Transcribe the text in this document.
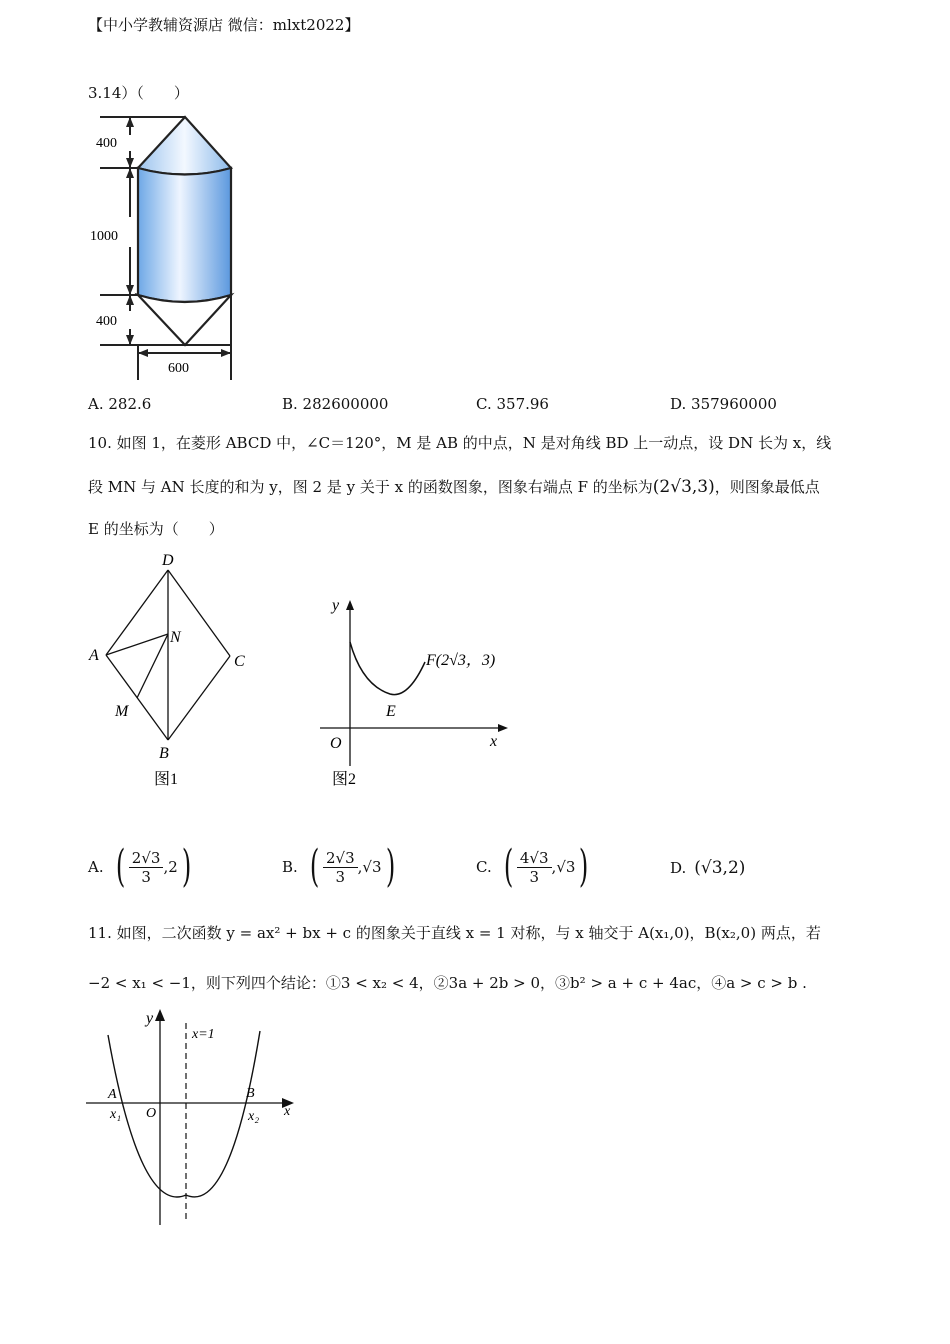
【中小学教辅资源店 微信：mlxt2022】
3.14）（　　）
400
1000
400
600
A. 282.6	B. 282600000	C. 357.96	D. 357960000
10. 如图 1，在菱形 ABCD 中，∠C＝120°，M 是 AB 的中点，N 是对角线 BD 上一动点，设 DN 长为 x，线
段 MN 与 AN 长度的和为 y，图 2 是 y 关于 x 的函数图象，图象右端点 F 的坐标为(2√3,3)，则图象最低点
E 的坐标为（　　）
D
A	C
N
M
B
图1
y
x
O
E
F(2√3，3)
图2
A. ( $\frac{2√3}{3} ,2$ )	B. ( $\frac{2√3}{3} ,√3$ )	C. ( $\frac{4√3}{3} ,√3$ )	D. (√3,2)
11. 如图，二次函数 y = ax² + bx + c 的图象关于直线 x = 1 对称，与 x 轴交于 A(x₁,0)，B(x₂,0) 两点，若
−2 < x₁ < −1，则下列四个结论：①3 < x₂ < 4，②3a + 2b > 0，③b² > a + c + 4ac，④a > c > b .
y
x
x=1
A	B
O
x₁	x₂
